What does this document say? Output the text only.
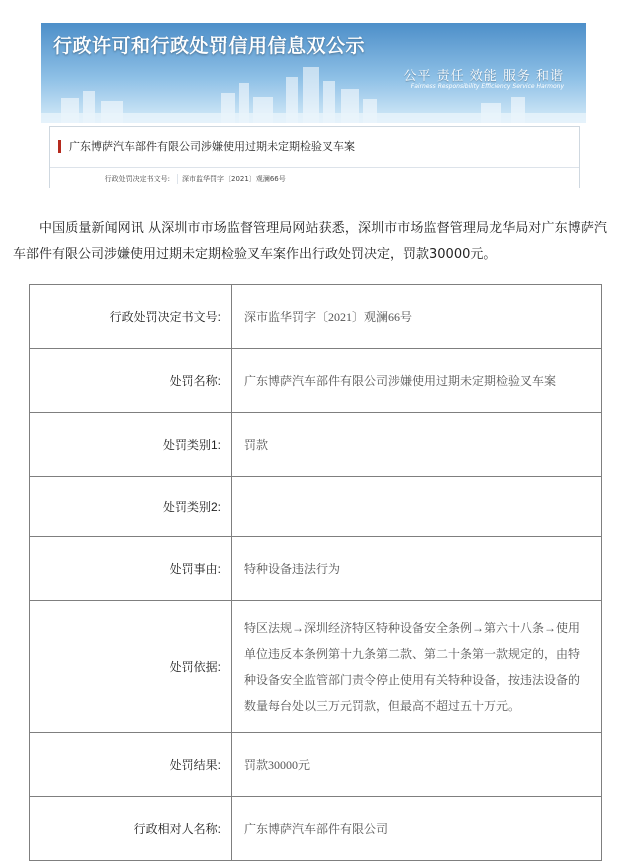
行政许可和行政处罚信用信息双公示
公平 责任 效能 服务 和谐
Fairness Responsibility Efficiency Service Harmony
广东博萨汽车部件有限公司涉嫌使用过期未定期检验叉车案
行政处罚决定书文号:	深市监华罚字〔2021〕观澜66号

中国质量新闻网讯 从深圳市市场监督管理局网站获悉，深圳市市场监督管理局龙华局对广东博萨汽车部件有限公司涉嫌使用过期未定期检验叉车案作出行政处罚决定，罚款30000元。

行政处罚决定书文号:	深市监华罚字〔2021〕观澜66号
处罚名称:	广东博萨汽车部件有限公司涉嫌使用过期未定期检验叉车案
处罚类别1:	罚款
处罚类别2:	
处罚事由:	特种设备违法行为
处罚依据:	特区法规→深圳经济特区特种设备安全条例→第六十八条→使用单位违反本条例第十九条第二款、第二十条第一款规定的，由特种设备安全监管部门责令停止使用有关特种设备，按违法设备的数量每台处以三万元罚款，但最高不超过五十万元。
处罚结果:	罚款30000元
行政相对人名称:	广东博萨汽车部件有限公司
